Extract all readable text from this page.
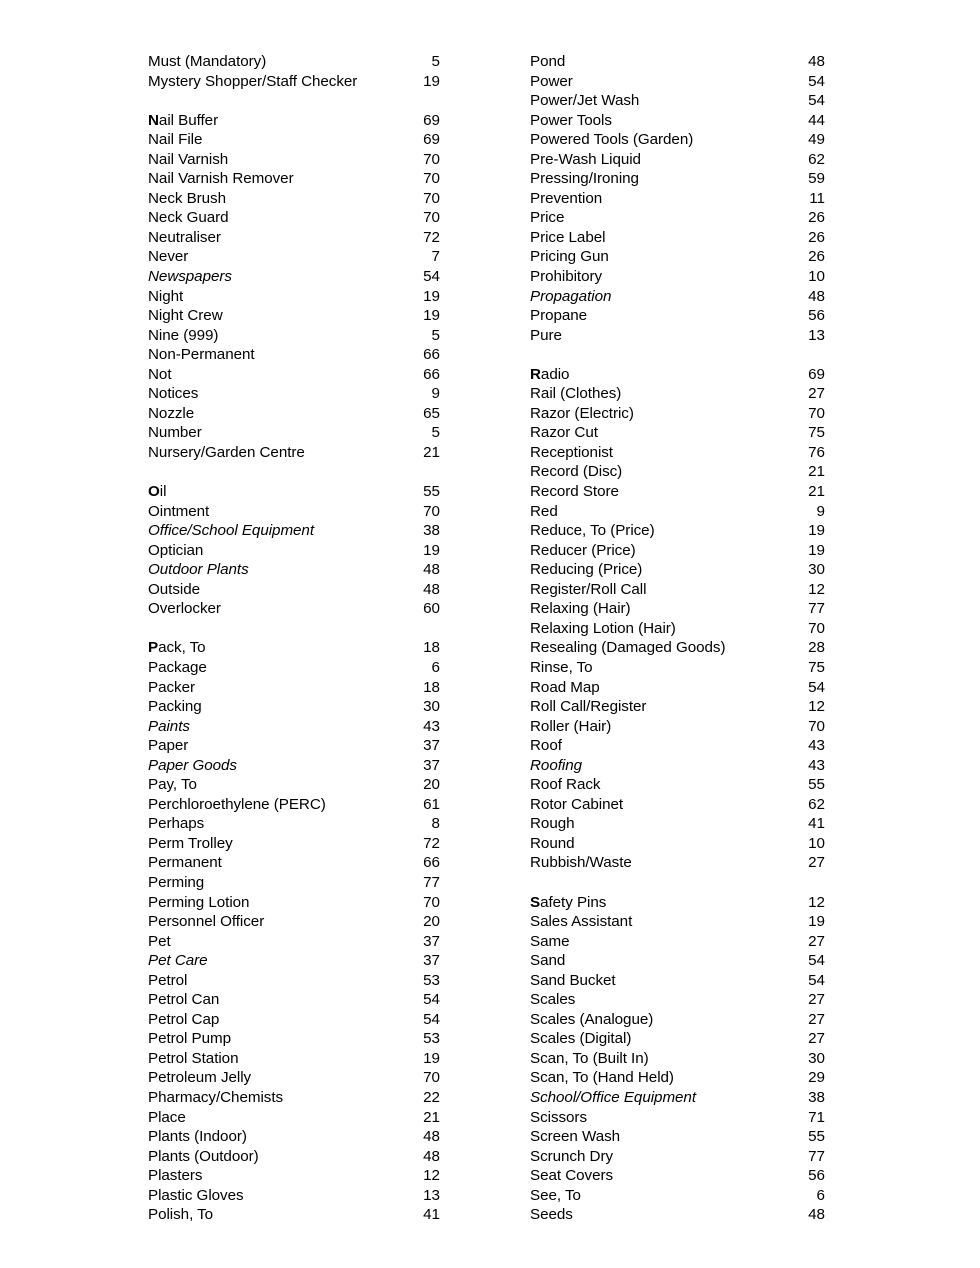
Must (Mandatory)	5
Mystery Shopper/Staff Checker	19
Nail Buffer	69
Nail File	69
Nail Varnish	70
Nail Varnish Remover	70
Neck Brush	70
Neck Guard	70
Neutraliser	72
Never	7
Newspapers	54
Night	19
Night Crew	19
Nine (999)	5
Non-Permanent	66
Not	66
Notices	9
Nozzle	65
Number	5
Nursery/Garden Centre	21
Oil	55
Ointment	70
Office/School Equipment	38
Optician	19
Outdoor Plants	48
Outside	48
Overlocker	60
Pack, To	18
Package	6
Packer	18
Packing	30
Paints	43
Paper	37
Paper Goods	37
Pay, To	20
Perchloroethylene (PERC)	61
Perhaps	8
Perm Trolley	72
Permanent	66
Perming	77
Perming Lotion	70
Personnel Officer	20
Pet	37
Pet Care	37
Petrol	53
Petrol Can	54
Petrol Cap	54
Petrol Pump	53
Petrol Station	19
Petroleum Jelly	70
Pharmacy/Chemists	22
Place	21
Plants (Indoor)	48
Plants (Outdoor)	48
Plasters	12
Plastic Gloves	13
Polish, To	41
Pond	48
Power	54
Power/Jet Wash	54
Power Tools	44
Powered Tools (Garden)	49
Pre-Wash Liquid	62
Pressing/Ironing	59
Prevention	11
Price	26
Price Label	26
Pricing Gun	26
Prohibitory	10
Propagation	48
Propane	56
Pure	13
Radio	69
Rail (Clothes)	27
Razor (Electric)	70
Razor Cut	75
Receptionist	76
Record (Disc)	21
Record Store	21
Red	9
Reduce, To (Price)	19
Reducer (Price)	19
Reducing (Price)	30
Register/Roll Call	12
Relaxing (Hair)	77
Relaxing Lotion (Hair)	70
Resealing (Damaged Goods)	28
Rinse, To	75
Road Map	54
Roll Call/Register	12
Roller (Hair)	70
Roof	43
Roofing	43
Roof Rack	55
Rotor Cabinet	62
Rough	41
Round	10
Rubbish/Waste	27
Safety Pins	12
Sales Assistant	19
Same	27
Sand	54
Sand Bucket	54
Scales	27
Scales (Analogue)	27
Scales (Digital)	27
Scan, To (Built In)	30
Scan, To (Hand Held)	29
School/Office Equipment	38
Scissors	71
Screen Wash	55
Scrunch Dry	77
Seat Covers	56
See, To	6
Seeds	48
